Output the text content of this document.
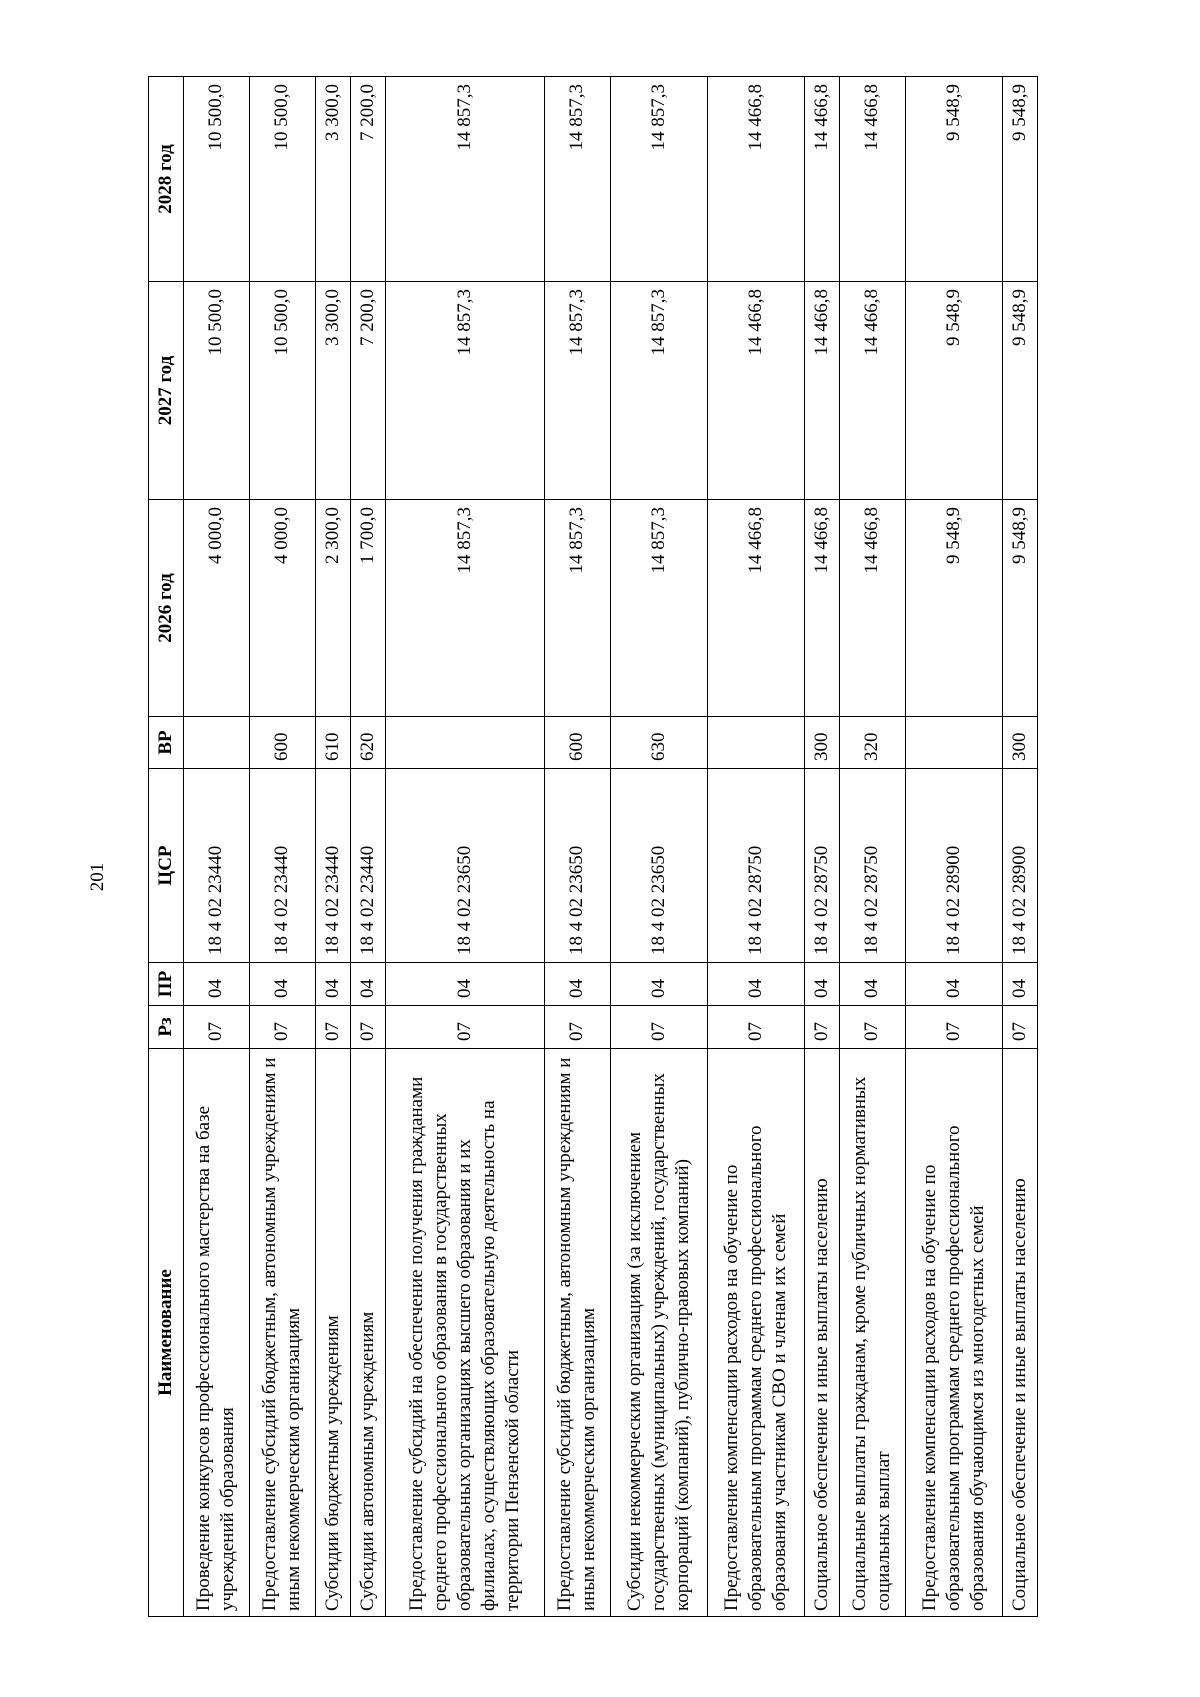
201
Наименование	Рз	ПР	ЦСР	ВР	2026 год	2027 год	2028 год
Проведение конкурсов профессионального мастерства на базе учреждений образования	07	04	18 4 02 23440		4 000,0	10 500,0	10 500,0
Предоставление субсидий бюджетным, автономным учреждениям и иным некоммерческим организациям	07	04	18 4 02 23440	600	4 000,0	10 500,0	10 500,0
Субсидии бюджетным учреждениям	07	04	18 4 02 23440	610	2 300,0	3 300,0	3 300,0
Субсидии автономным учреждениям	07	04	18 4 02 23440	620	1 700,0	7 200,0	7 200,0
Предоставление субсидий на обеспечение получения гражданами среднего профессионального образования в государственных образовательных организациях высшего образования и их филиалах, осуществляющих образовательную деятельность на территории Пензенской области	07	04	18 4 02 23650		14 857,3	14 857,3	14 857,3
Предоставление субсидий бюджетным, автономным учреждениям и иным некоммерческим организациям	07	04	18 4 02 23650	600	14 857,3	14 857,3	14 857,3
Субсидии некоммерческим организациям (за исключением государственных (муниципальных) учреждений, государственных корпораций (компаний), публично-правовых компаний)	07	04	18 4 02 23650	630	14 857,3	14 857,3	14 857,3
Предоставление компенсации расходов на обучение по образовательным программам среднего профессионального образования участникам СВО и членам их семей	07	04	18 4 02 28750		14 466,8	14 466,8	14 466,8
Социальное обеспечение и иные выплаты населению	07	04	18 4 02 28750	300	14 466,8	14 466,8	14 466,8
Социальные выплаты гражданам, кроме публичных нормативных социальных выплат	07	04	18 4 02 28750	320	14 466,8	14 466,8	14 466,8
Предоставление компенсации расходов на обучение по образовательным программам среднего профессионального образования обучающимся из многодетных семей	07	04	18 4 02 28900		9 548,9	9 548,9	9 548,9
Социальное обеспечение и иные выплаты населению	07	04	18 4 02 28900	300	9 548,9	9 548,9	9 548,9
